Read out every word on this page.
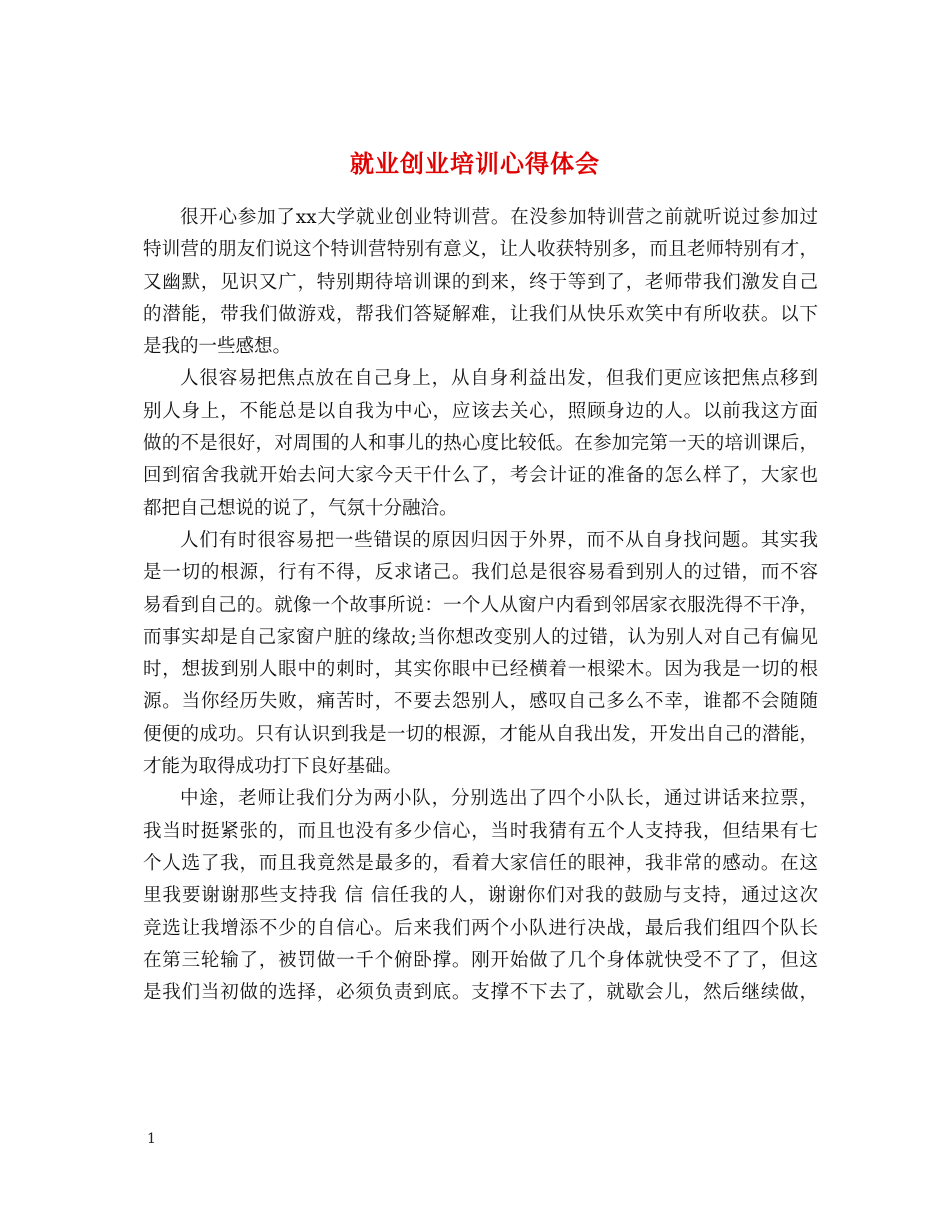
就业创业培训心得体会

很开心参加了xx大学就业创业特训营。在没参加特训营之前就听说过参加过
特训营的朋友们说这个特训营特别有意义，让人收获特别多，而且老师特别有才，
又幽默，见识又广，特别期待培训课的到来，终于等到了，老师带我们激发自己
的潜能，带我们做游戏，帮我们答疑解难，让我们从快乐欢笑中有所收获。以下
是我的一些感想。

人很容易把焦点放在自己身上，从自身利益出发，但我们更应该把焦点移到
别人身上，不能总是以自我为中心，应该去关心，照顾身边的人。以前我这方面
做的不是很好，对周围的人和事儿的热心度比较低。在参加完第一天的培训课后，
回到宿舍我就开始去问大家今天干什么了，考会计证的准备的怎么样了，大家也
都把自己想说的说了，气氛十分融洽。

人们有时很容易把一些错误的原因归因于外界，而不从自身找问题。其实我
是一切的根源，行有不得，反求诸己。我们总是很容易看到别人的过错，而不容
易看到自己的。就像一个故事所说：一个人从窗户内看到邻居家衣服洗得不干净，
而事实却是自己家窗户脏的缘故;当你想改变别人的过错，认为别人对自己有偏见
时，想拔到别人眼中的刺时，其实你眼中已经横着一根梁木。因为我是一切的根
源。当你经历失败，痛苦时，不要去怨别人，感叹自己多么不幸，谁都不会随随
便便的成功。只有认识到我是一切的根源，才能从自我出发，开发出自己的潜能，
才能为取得成功打下良好基础。

中途，老师让我们分为两小队，分别选出了四个小队长，通过讲话来拉票，
我当时挺紧张的，而且也没有多少信心，当时我猜有五个人支持我，但结果有七
个人选了我，而且我竟然是最多的，看着大家信任的眼神，我非常的感动。在这
里我要谢谢那些支持我 信 信任我的人，谢谢你们对我的鼓励与支持，通过这次
竞选让我增添不少的自信心。后来我们两个小队进行决战，最后我们组四个队长
在第三轮输了，被罚做一千个俯卧撑。刚开始做了几个身体就快受不了了，但这
是我们当初做的选择，必须负责到底。支撑不下去了，就歇会儿，然后继续做，

1
